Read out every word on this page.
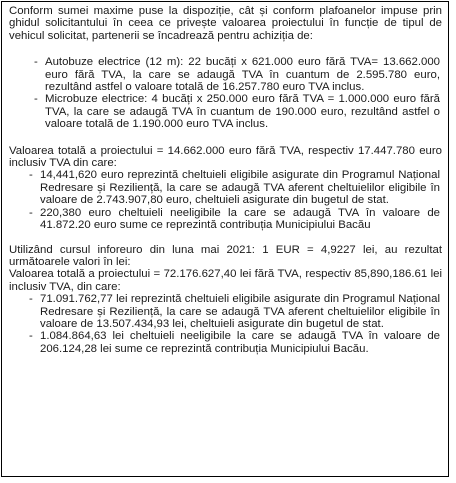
Conform sumei maxime puse la dispoziție, cât și conform plafoanelor impuse prin ghidul solicitantului în ceea ce privește valoarea proiectului în funcție de tipul de vehicul solicitat, partenerii se încadrează pentru achiziția de:

- Autobuze electrice (12 m): 22 bucăți x 621.000 euro fără TVA= 13.662.000 euro fără TVA, la care se adaugă TVA în cuantum de 2.595.780 euro, rezultând astfel o valoare totală de 16.257.780 euro TVA inclus.
- Microbuze electrice: 4 bucăți x 250.000 euro fără TVA = 1.000.000 euro fără TVA, la care se adaugă TVA în cuantum de 190.000 euro, rezultând astfel o valoare totală de 1.190.000 euro TVA inclus.

Valoarea totală a proiectului = 14.662.000 euro fără TVA, respectiv 17.447.780 euro inclusiv TVA din care:

- 14,441,620 euro reprezintă cheltuieli eligibile asigurate din Programul Național Redresare și Reziliență, la care se adaugă TVA aferent cheltuielilor eligibile în valoare de 2.743.907,80 euro, cheltuieli asigurate din bugetul de stat.
- 220,380 euro cheltuieli neeligibile la care se adaugă TVA în valoare de 41.872.20 euro sume ce reprezintă contribuția Municipiului Bacău

Utilizând cursul inforeuro din luna mai 2021: 1 EUR = 4,9227 lei, au rezultat următoarele valori în lei:

Valoarea totală a proiectului = 72.176.627,40 lei fără TVA, respectiv 85,890,186.61 lei inclusiv TVA, din care:

- 71.091.762,77 lei reprezintă cheltuieli eligibile asigurate din Programul Național Redresare și Reziliență, la care se adaugă TVA aferent cheltuielilor eligibile în valoare de 13.507.434,93 lei, cheltuieli asigurate din bugetul de stat.
- 1.084.864,63 lei cheltuieli neeligibile la care se adaugă TVA în valoare de 206.124,28 lei sume ce reprezintă contribuția Municipiului Bacău.
